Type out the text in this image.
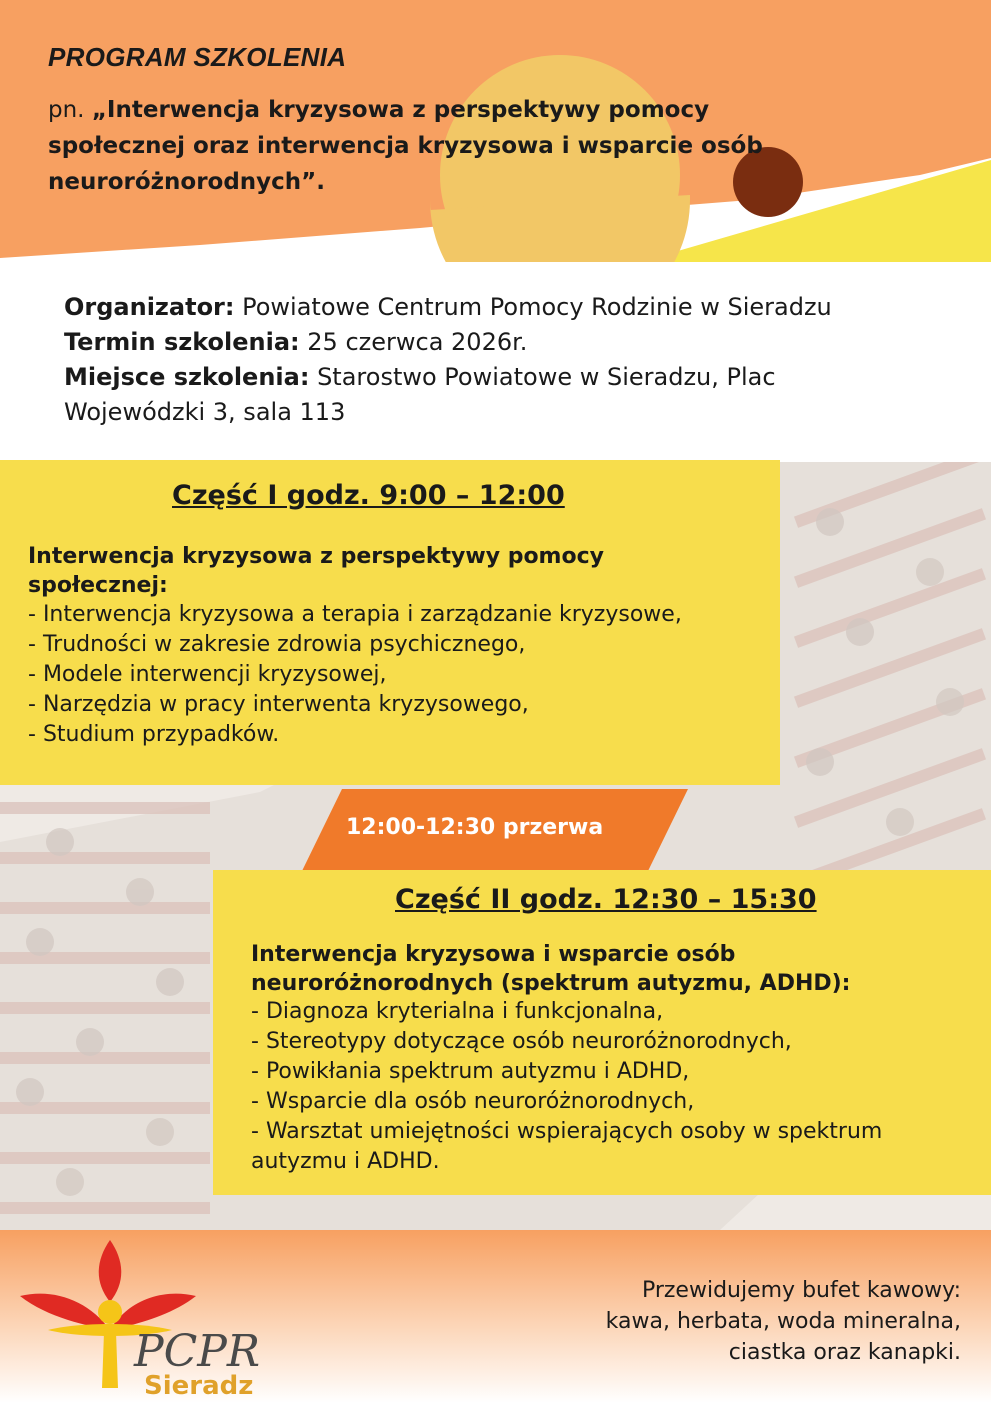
PROGRAM SZKOLENIA
pn. „Interwencja kryzysowa z perspektywy pomocy
społecznej oraz interwencja kryzysowa i wsparcie osób
neuroróżnorodnych”.
Organizator: Powiatowe Centrum Pomocy Rodzinie w Sieradzu
Termin szkolenia: 25 czerwca 2026r.
Miejsce szkolenia: Starostwo Powiatowe w Sieradzu, Plac
Wojewódzki 3, sala 113
Część I godz. 9:00 – 12:00
Interwencja kryzysowa z perspektywy pomocy
społecznej:
- Interwencja kryzysowa a terapia i zarządzanie kryzysowe,
- Trudności w zakresie zdrowia psychicznego,
- Modele interwencji kryzysowej,
- Narzędzia w pracy interwenta kryzysowego,
- Studium przypadków.
12:00-12:30 przerwa
Część II godz. 12:30 – 15:30
Interwencja kryzysowa i wsparcie osób
neuroróżnorodnych (spektrum autyzmu, ADHD):
- Diagnoza kryterialna i funkcjonalna,
- Stereotypy dotyczące osób neuroróżnorodnych,
- Powikłania spektrum autyzmu i ADHD,
- Wsparcie dla osób neuroróżnorodnych,
- Warsztat umiejętności wspierających osoby w spektrum autyzmu i ADHD.
PCPR
Sieradz
Przewidujemy bufet kawowy:
kawa, herbata, woda mineralna,
ciastka oraz kanapki.
